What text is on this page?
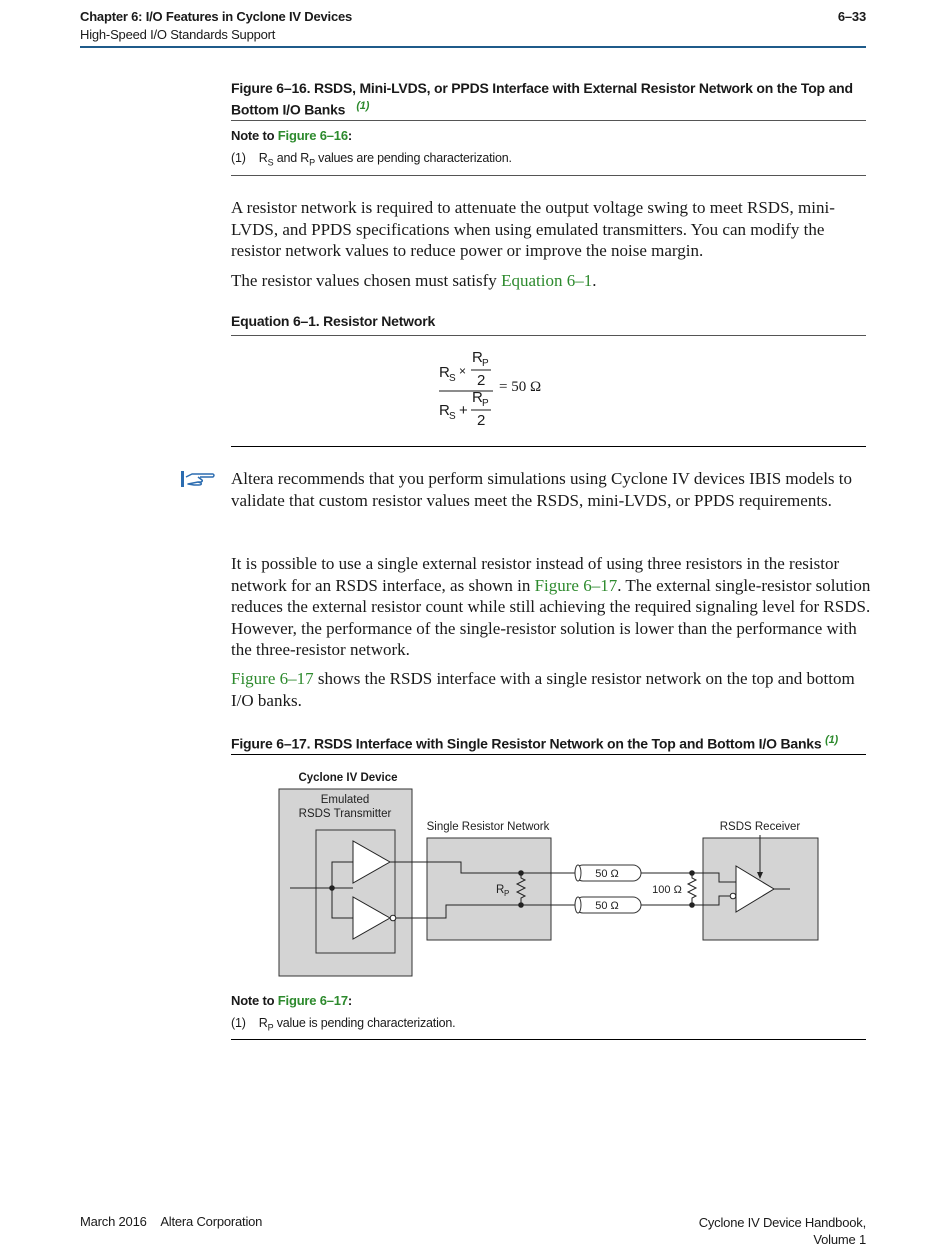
Chapter 6: I/O Features in Cyclone IV Devices
High-Speed I/O Standards Support
6–33
Figure 6–16. RSDS, Mini-LVDS, or PPDS Interface with External Resistor Network on the Top and
Bottom I/O Banks $^{(1)}$
Note to Figure 6–16:
(1)    $R_S$ and $R_P$ values are pending characterization.
A resistor network is required to attenuate the output voltage swing to meet RSDS, mini-LVDS, and PPDS specifications when using emulated transmitters. You can modify the resistor network values to reduce power or improve the noise margin.
The resistor values chosen must satisfy Equation 6–1.
Equation 6–1. Resistor Network
R S
×
R P
2
R S +
R P
2
= 50 Ω
Altera recommends that you perform simulations using Cyclone IV devices IBIS models to validate that custom resistor values meet the RSDS, mini-LVDS, or PPDS requirements.
It is possible to use a single external resistor instead of using three resistors in the resistor network for an RSDS interface, as shown in Figure 6–17. The external single-resistor solution reduces the external resistor count while still achieving the required signaling level for RSDS. However, the performance of the single-resistor solution is lower than the performance with the three-resistor network.
Figure 6–17 shows the RSDS interface with a single resistor network on the top and bottom I/O banks.
Figure 6–17. RSDS Interface with Single Resistor Network on the Top and Bottom I/O Banks $^{(1)}$
Cyclone IV Device
Emulated
RSDS Transmitter
Single Resistor Network
R P
50 Ω
50 Ω
100 Ω
RSDS Receiver
Note to Figure 6–17:
(1)    $R_P$ value is pending characterization.
March 2016 Altera Corporation	Cyclone IV Device Handbook,
Volume 1
